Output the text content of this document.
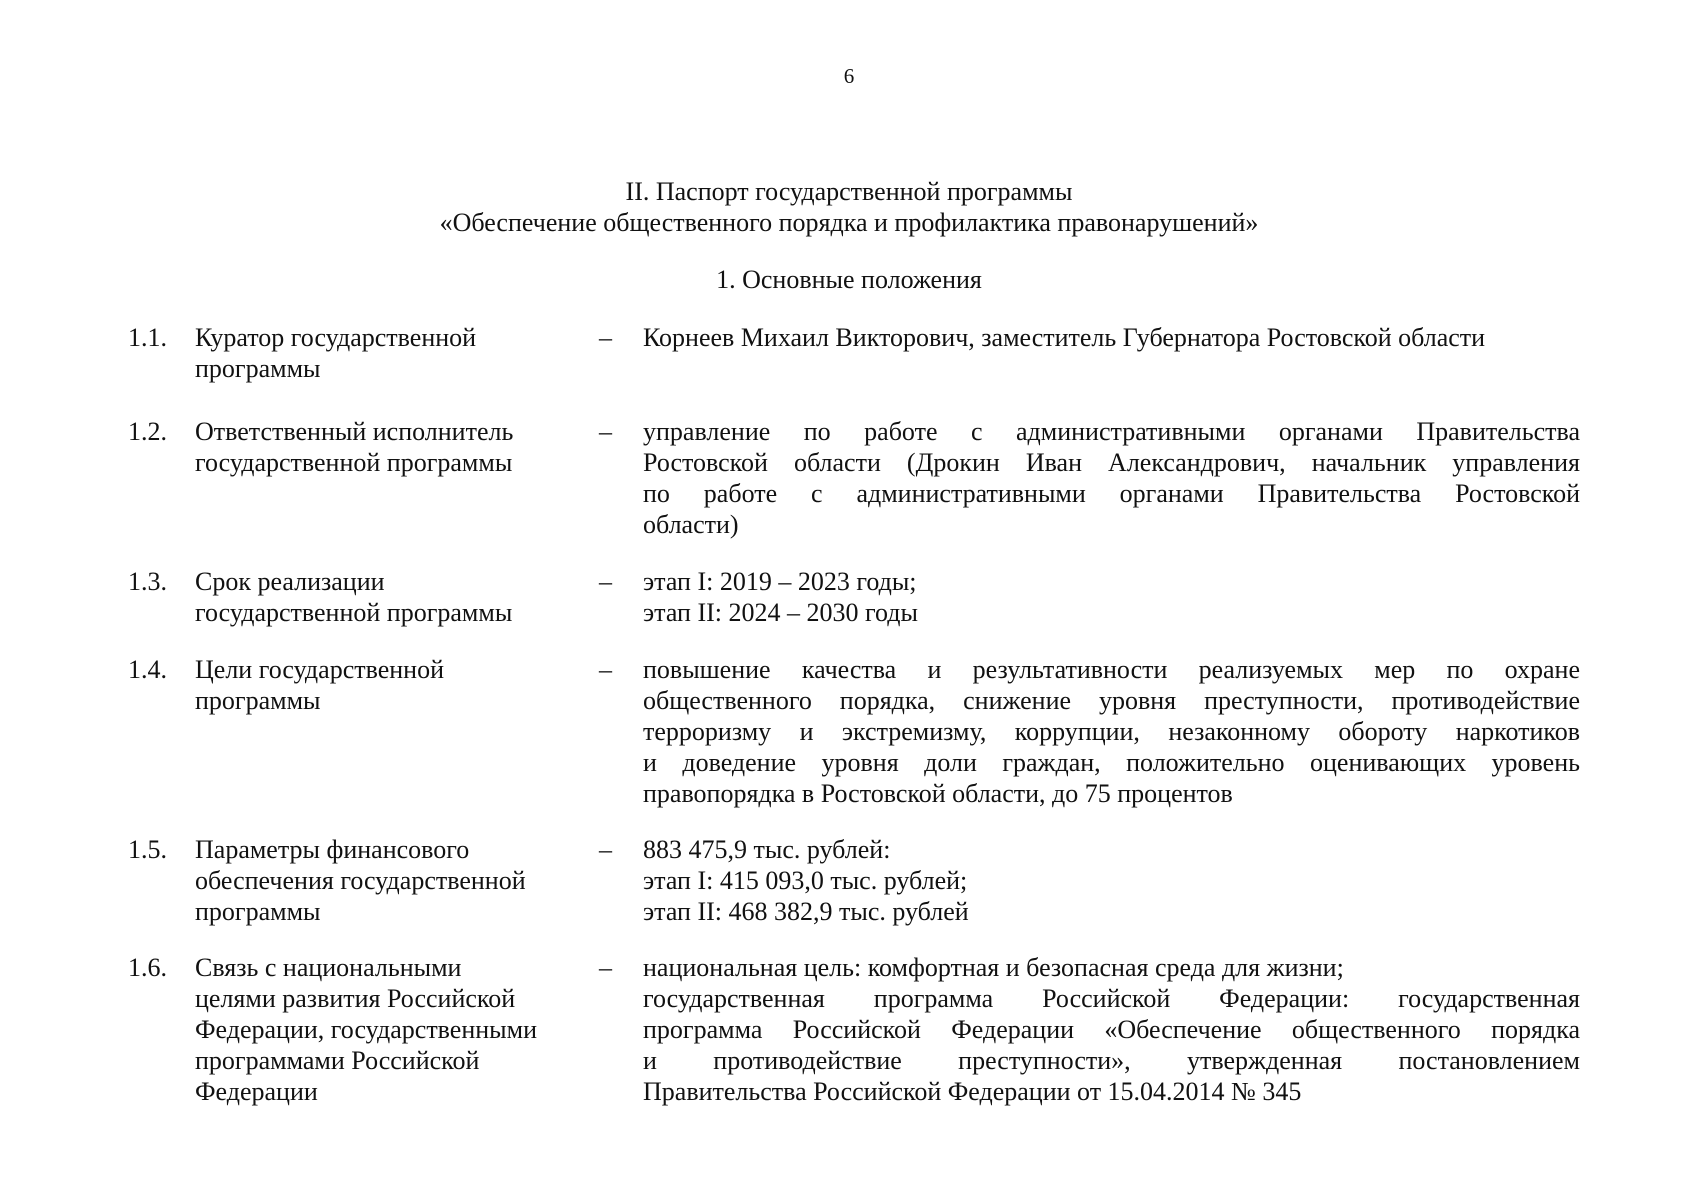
6
II. Паспорт государственной программы
«Обеспечение общественного порядка и профилактика правонарушений»
1. Основные положения
1.1. Куратор государственной
программы
– Корнеев Михаил Викторович, заместитель Губернатора Ростовской области
1.2. Ответственный исполнитель
государственной программы
– управление по работе с административными органами Правительства
Ростовской области (Дрокин Иван Александрович, начальник управления
по работе с административными органами Правительства Ростовской
области)
1.3. Срок реализации
государственной программы
– этап I: 2019 – 2023 годы;
этап II: 2024 – 2030 годы
1.4. Цели государственной
программы
– повышение качества и результативности реализуемых мер по охране
общественного порядка, снижение уровня преступности, противодействие
терроризму и экстремизму, коррупции, незаконному обороту наркотиков
и доведение уровня доли граждан, положительно оценивающих уровень
правопорядка в Ростовской области, до 75 процентов
1.5. Параметры финансового
обеспечения государственной
программы
– 883 475,9 тыс. рублей:
этап I: 415 093,0 тыс. рублей;
этап II: 468 382,9 тыс. рублей
1.6. Связь с национальными
целями развития Российской
Федерации, государственными
программами Российской
Федерации
– национальная цель: комфортная и безопасная среда для жизни;
государственная программа Российской Федерации: государственная
программа Российской Федерации «Обеспечение общественного порядка
и противодействие преступности», утвержденная постановлением
Правительства Российской Федерации от 15.04.2014 № 345
